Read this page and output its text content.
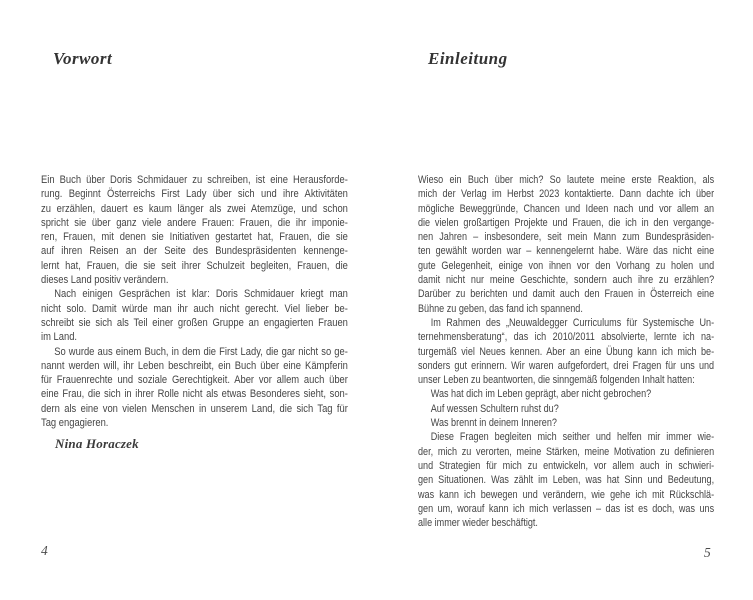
Vorwort
Ein Buch über Doris Schmidauer zu schreiben, ist eine Herausforde-
rung. Beginnt Österreichs First Lady über sich und ihre Aktivitäten
zu erzählen, dauert es kaum länger als zwei Atemzüge, und schon
spricht sie über ganz viele andere Frauen: Frauen, die ihr imponie-
ren, Frauen, mit denen sie Initiativen gestartet hat, Frauen, die sie
auf ihren Reisen an der Seite des Bundespräsidenten kennenge-
lernt hat, Frauen, die sie seit ihrer Schulzeit begleiten, Frauen, die
dieses Land positiv verändern.
Nach einigen Gesprächen ist klar: Doris Schmidauer kriegt man
nicht solo. Damit würde man ihr auch nicht gerecht. Viel lieber be-
schreibt sie sich als Teil einer großen Gruppe an engagierten Frauen
im Land.
So wurde aus einem Buch, in dem die First Lady, die gar nicht so ge-
nannt werden will, ihr Leben beschreibt, ein Buch über eine Kämpferin
für Frauenrechte und soziale Gerechtigkeit. Aber vor allem auch über
eine Frau, die sich in ihrer Rolle nicht als etwas Besonderes sieht, son-
dern als eine von vielen Menschen in unserem Land, die sich Tag für
Tag engagieren.
Nina Horaczek
4
Einleitung
Wieso ein Buch über mich? So lautete meine erste Reaktion, als
mich der Verlag im Herbst 2023 kontaktierte. Dann dachte ich über
mögliche Beweggründe, Chancen und Ideen nach und vor allem an
die vielen großartigen Projekte und Frauen, die ich in den vergange-
nen Jahren – insbesondere, seit mein Mann zum Bundespräsiden-
ten gewählt worden war – kennengelernt habe. Wäre das nicht eine
gute Gelegenheit, einige von ihnen vor den Vorhang zu holen und
damit nicht nur meine Geschichte, sondern auch ihre zu erzählen?
Darüber zu berichten und damit auch den Frauen in Österreich eine
Bühne zu geben, das fand ich spannend.
Im Rahmen des „Neuwaldegger Curriculums für Systemische Un-
ternehmensberatung“, das ich 2010/2011 absolvierte, lernte ich na-
turgemäß viel Neues kennen. Aber an eine Übung kann ich mich be-
sonders gut erinnern. Wir waren aufgefordert, drei Fragen für uns und
unser Leben zu beantworten, die sinngemäß folgenden Inhalt hatten:
Was hat dich im Leben geprägt, aber nicht gebrochen?
Auf wessen Schultern ruhst du?
Was brennt in deinem Inneren?
Diese Fragen begleiten mich seither und helfen mir immer wie-
der, mich zu verorten, meine Stärken, meine Motivation zu definieren
und Strategien für mich zu entwickeln, vor allem auch in schwieri-
gen Situationen. Was zählt im Leben, was hat Sinn und Bedeutung,
was kann ich bewegen und verändern, wie gehe ich mit Rückschlä-
gen um, worauf kann ich mich verlassen – das ist es doch, was uns
alle immer wieder beschäftigt.
5
